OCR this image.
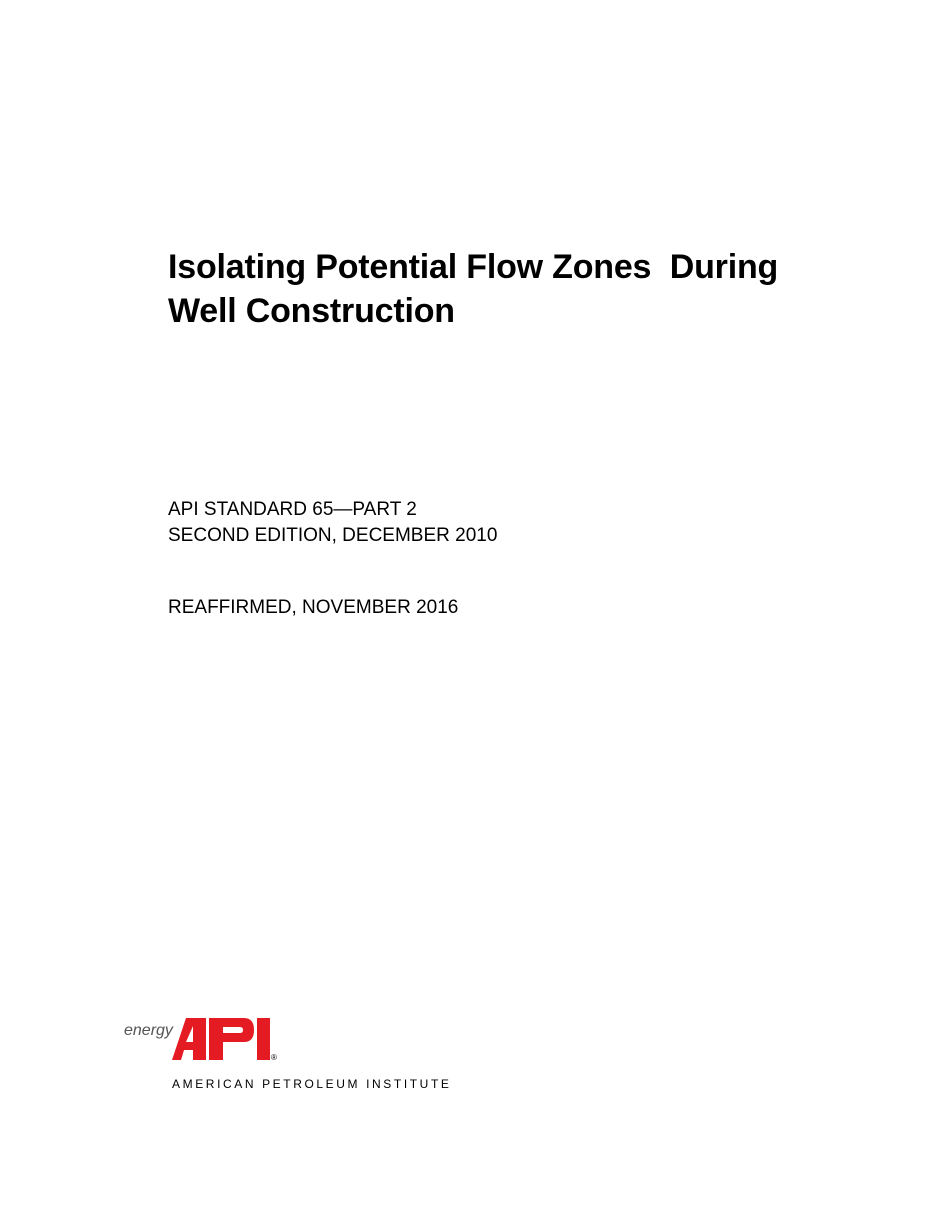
Isolating Potential Flow Zones  During
Well Construction
API STANDARD 65—PART 2
SECOND EDITION, DECEMBER 2010
REAFFIRMED, NOVEMBER 2016
energy
®
AMERICAN PETROLEUM INSTITUTE
